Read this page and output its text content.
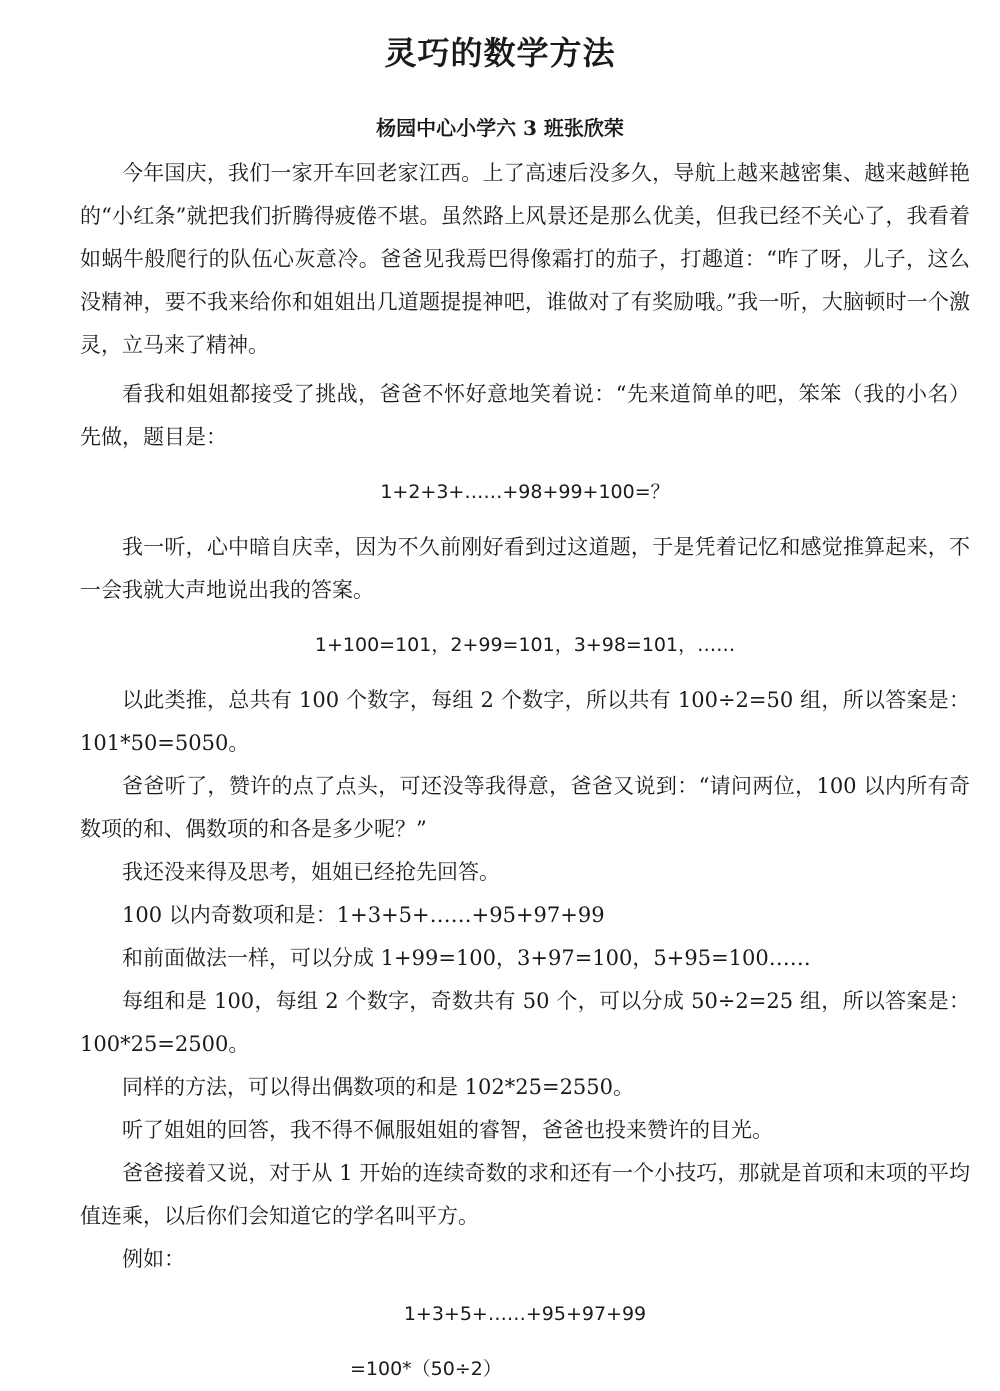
灵巧的数学方法
杨园中心小学六 3 班张欣荣

今年国庆，我们一家开车回老家江西。上了高速后没多久，导航上越来越密集、越来越鲜艳的“小红条”就把我们折腾得疲倦不堪。虽然路上风景还是那么优美，但我已经不关心了，我看着如蜗牛般爬行的队伍心灰意冷。爸爸见我焉巴得像霜打的茄子，打趣道：“咋了呀，儿子，这么没精神，要不我来给你和姐姐出几道题提提神吧，谁做对了有奖励哦。”我一听，大脑顿时一个激灵，立马来了精神。

看我和姐姐都接受了挑战，爸爸不怀好意地笑着说：“先来道简单的吧，笨笨（我的小名）先做，题目是：

1+2+3+……+98+99+100=？

我一听，心中暗自庆幸，因为不久前刚好看到过这道题，于是凭着记忆和感觉推算起来，不一会我就大声地说出我的答案。

1+100=101，2+99=101，3+98=101，……

以此类推，总共有 100 个数字，每组 2 个数字，所以共有 100÷2=50 组，所以答案是：101*50=5050。

爸爸听了，赞许的点了点头，可还没等我得意，爸爸又说到：“请问两位，100 以内所有奇数项的和、偶数项的和各是多少呢？”

我还没来得及思考，姐姐已经抢先回答。

100 以内奇数项和是：1+3+5+……+95+97+99

和前面做法一样，可以分成 1+99=100，3+97=100，5+95=100……

每组和是 100，每组 2 个数字，奇数共有 50 个，可以分成 50÷2=25 组，所以答案是：100*25=2500。

同样的方法，可以得出偶数项的和是 102*25=2550。

听了姐姐的回答，我不得不佩服姐姐的睿智，爸爸也投来赞许的目光。

爸爸接着又说，对于从 1 开始的连续奇数的求和还有一个小技巧，那就是首项和末项的平均值连乘，以后你们会知道它的学名叫平方。

例如：

1+3+5+……+95+97+99

=100*（50÷2）
